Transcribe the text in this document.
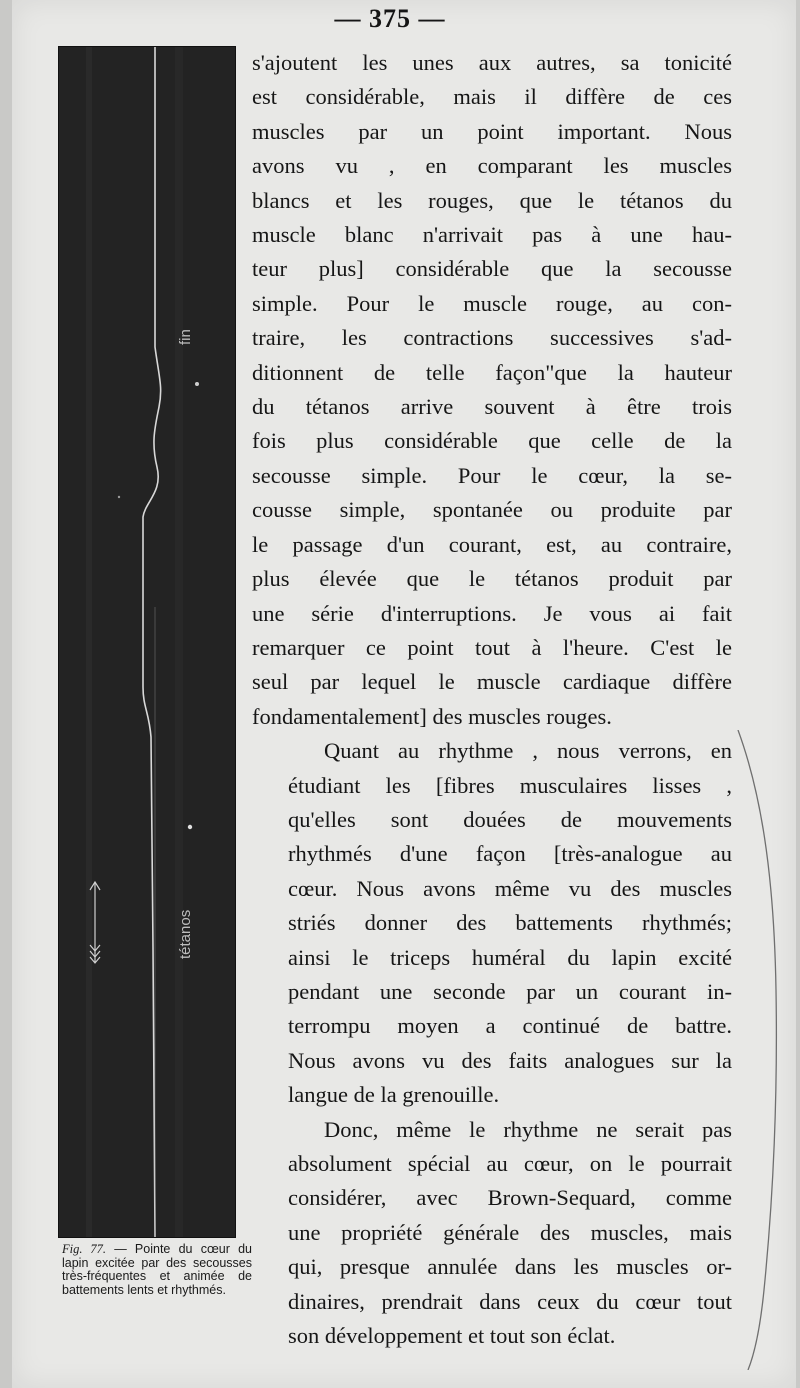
— 375 —
fin
tétanos
Fig. 77. — Pointe du cœur du lapin excitée par des secousses très-fréquentes et animée de battements lents et rhythmés.
s'ajoutent les unes aux autres, sa tonicité
est considérable, mais il diffère de ces
muscles par un point important. Nous
avons vu , en comparant les muscles
blancs et les rouges, que le tétanos du
muscle blanc n'arrivait pas à une hau-
teur plus] considérable que la secousse
simple. Pour le muscle rouge, au con-
traire, les contractions successives s'ad-
ditionnent de telle façon"que la hauteur
du tétanos arrive souvent à être trois
fois plus considérable que celle de la
secousse simple. Pour le cœur, la se-
cousse simple, spontanée ou produite par
le passage d'un courant, est, au contraire,
plus élevée que le tétanos produit par
une série d'interruptions. Je vous ai fait
remarquer ce point tout à l'heure. C'est le
seul par lequel le muscle cardiaque diffère
fondamentalement] des muscles rouges.
Quant au rhythme , nous verrons, en
étudiant les [fibres musculaires lisses ,
qu'elles sont douées de mouvements
rhythmés d'une façon [très-analogue au
cœur. Nous avons même vu des muscles
striés donner des battements rhythmés;
ainsi le triceps huméral du lapin excité
pendant une seconde par un courant in-
terrompu moyen a continué de battre.
Nous avons vu des faits analogues sur la
langue de la grenouille.
Donc, même le rhythme ne serait pas
absolument spécial au cœur, on le pourrait
considérer, avec Brown-Sequard, comme
une propriété générale des muscles, mais
qui, presque annulée dans les muscles or-
dinaires, prendrait dans ceux du cœur tout
son développement et tout son éclat.
